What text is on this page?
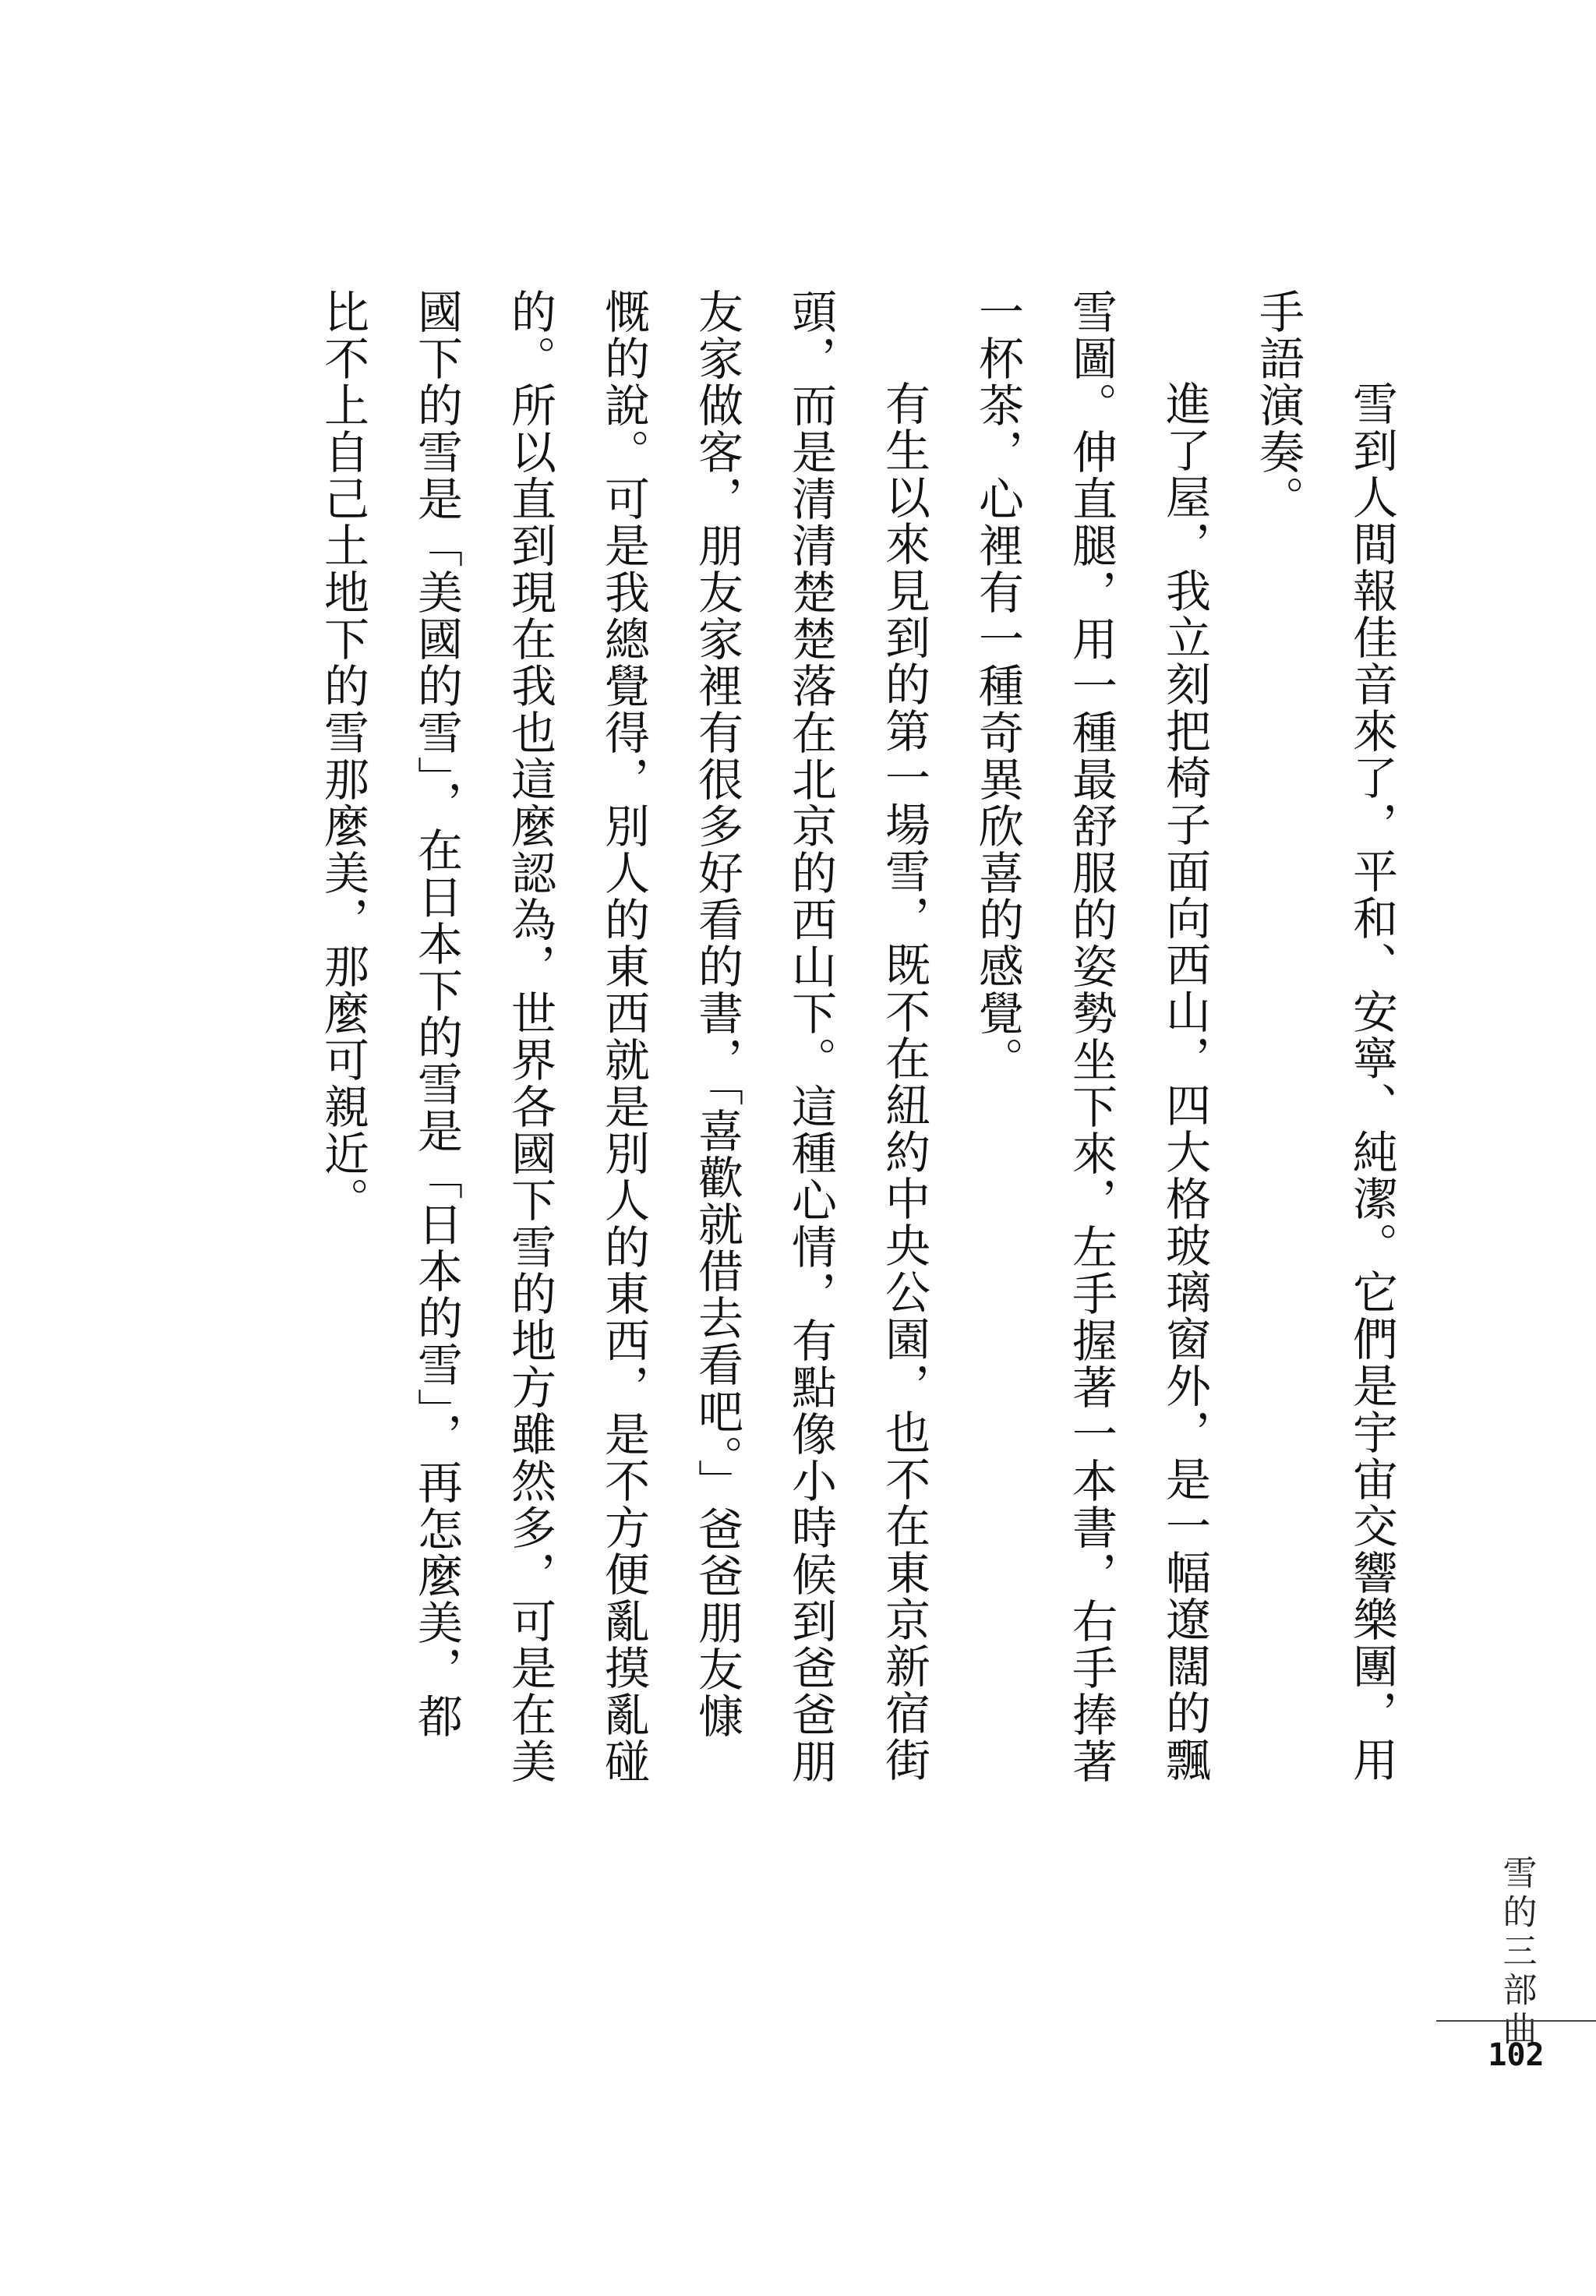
雪到人間報佳音來了，平和、安寧、純潔。它們是宇宙交響樂團，用

手語演奏。

進了屋，我立刻把椅子面向西山，四大格玻璃窗外，是一幅遼闊的飄

雪圖。伸直腿，用一種最舒服的姿勢坐下來，左手握著一本書，右手捧著

一杯茶，心裡有一種奇異欣喜的感覺。

有生以來見到的第一場雪，既不在紐約中央公園，也不在東京新宿街

頭，而是清清楚楚落在北京的西山下。這種心情，有點像小時候到爸爸朋

友家做客，朋友家裡有很多好看的書，「喜歡就借去看吧。」爸爸朋友慷

慨的說。可是我總覺得，別人的東西就是別人的東西，是不方便亂摸亂碰

的。所以直到現在我也這麼認為，世界各國下雪的地方雖然多，可是在美

國下的雪是「美國的雪」，在日本下的雪是「日本的雪」，再怎麼美，都

比不上自己土地下的雪那麼美，那麼可親近。

雪的三部曲
102
